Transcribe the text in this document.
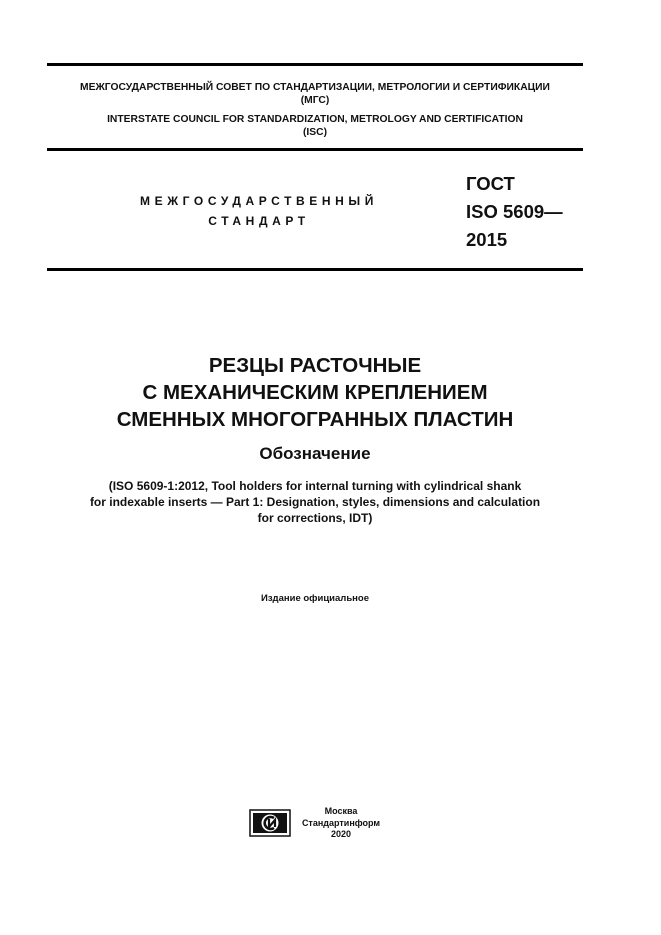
МЕЖГОСУДАРСТВЕННЫЙ СОВЕТ ПО СТАНДАРТИЗАЦИИ, МЕТРОЛОГИИ И СЕРТИФИКАЦИИ
(МГС)
INTERSTATE COUNCIL FOR STANDARDIZATION, METROLOGY AND CERTIFICATION
(ISC)
МЕЖГОСУДАРСТВЕННЫЙ
СТАНДАРТ
ГОСТ
ISO 5609—
2015
РЕЗЦЫ РАСТОЧНЫЕ
С МЕХАНИЧЕСКИМ КРЕПЛЕНИЕМ
СМЕННЫХ МНОГОГРАННЫХ ПЛАСТИН
Обозначение
(ISO 5609-1:2012, Tool holders for internal turning with cylindrical shank
for indexable inserts — Part 1: Designation, styles, dimensions and calculation
for corrections, IDT)
Издание официальное
Москва
Стандартинформ
2020
